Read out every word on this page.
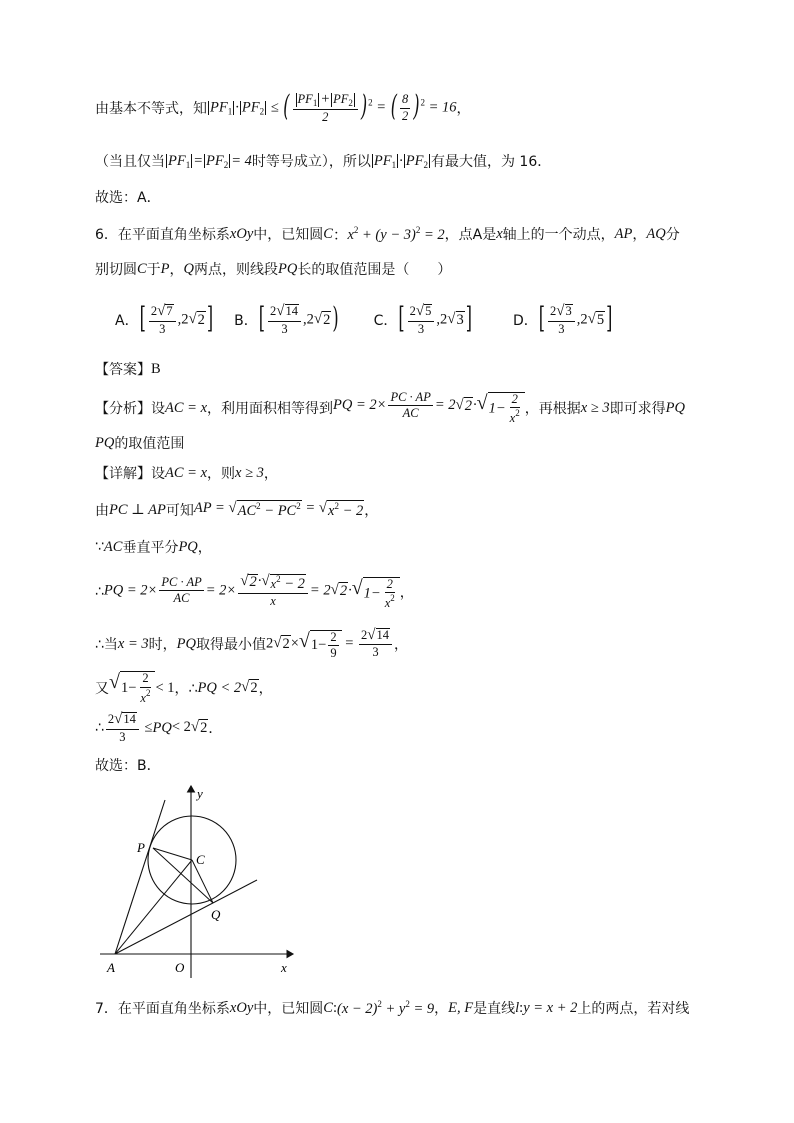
由基本不等式，知 $PF_1 \cdot PF_2$ ≤ ( $\frac{PF_1 + PF_2}{2} )^2$ = ( $\frac{8}{2} )^2 = 16$ ，
（当且仅当 $PF_1 = PF_2 = 4$ 时等号成立），所以 $PF_1 \cdot PF_2$ 有最大值，为 16．
故选：A．
6．在平面直角坐标系 xOy 中，已知圆 C ： $x^2 + (y - 3)^2 = 2$ ，点A是 x 轴上的一个动点， AP ， AQ 分
别切圆 C 于 P ， Q 两点，则线段 PQ 长的取值范围是（　　）
A． [ $\frac{2 √ 7}{3} ,2$ √ 2 ] B． [ $\frac{2 √ 14}{3} ,2$ √ 2 )	C． [ $\frac{2 √ 5}{3} ,2$ √ 3 ]	D． [ $\frac{2 √ 3}{3} ,2$ √ 5 ]
【答案】 B
【分析】 设 AC = x ，利用面积相等得到 PQ = $2\times \frac{PC \cdot AP}{AC} = 2$ √ 2 · √ $1- \frac{2}{x^2}$ ，再根据 x ≥ 3 即可求得 PQ
PQ 的取值范围
【详解】 设 AC = x ，则 x ≥ 3 ，
由 PC ⊥ AP 可知 AP = √ $AC^2 - PC^2$ = √ $x^2 - 2$ ，
∵ AC 垂直平分 PQ ，
∴ PQ = $2\times \frac{PC \cdot AP}{AC} = 2\times \frac{√ 2 \cdot √ x^2 - 2}{x} = 2$ √ 2 · √ $1- \frac{2}{x^2}$ ，
∴当 x = 3 时， PQ 取得最小值 2 √ 2 × √ $1- \frac{2}{9} = \frac{2 √ 14}{3}$ ，
又 √ $1- \frac{2}{x^2} < 1$ ，∴ PQ < 2 √ 2 ，
∴ $\frac{2 √ 14}{3}$ ≤ PQ < 2 √ 2 ．
故选：B．
y
x
P
C
Q
A	O
7．在平面直角坐标系 xOy 中，已知圆 C : $(x - 2)^2 + y^2 = 9$ ， E, F 是直线 l : y = x + 2 上的两点，若对线
